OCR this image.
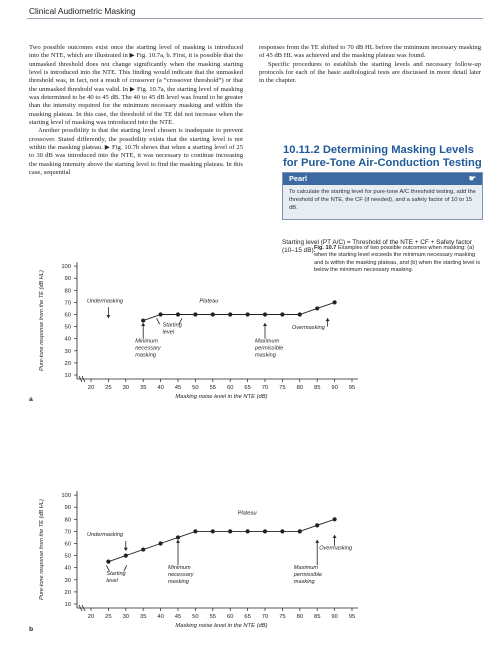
Clinical Audiometric Masking

Two possible outcomes exist once the starting level of masking is introduced into the NTE, which are illustrated in ▶ Fig. 10.7a, b. First, it is possible that the unmasked threshold does not change significantly when the masking starting level is introduced into the NTE. This finding would indicate that the unmasked threshold was, in fact, not a result of crossover (a “crossover threshold”) or that the unmasked threshold was valid. In ▶ Fig. 10.7a, the starting level of masking was determined to be 40 to 45 dB. The 40 to 45 dB level was found to be greater than the intensity required for the minimum necessary masking and within the masking plateau. In this case, the threshold of the TE did not increase when the starting level of masking was introduced into the NTE.

Another possibility is that the starting level chosen is inadequate to prevent crossover. Stated differently, the possibility exists that the starting level is not within the masking plateau. ▶ Fig. 10.7b shows that when a starting level of 25 to 30 dB was introduced into the NTE, it was necessary to continue increasing the masking intensity above the starting level to find the masking plateau. In this case, sequential

responses from the TE shifted to 70 dB HL before the minimum necessary masking of 45 dB HL was achieved and the masking plateau was found.

Specific procedures to establish the starting levels and necessary follow-up protocols for each of the basic audiological tests are discussed in more detail later in the chapter.

10.11.2 Determining Masking Levels for Pure-Tone Air-Conduction Testing
Pearl	☛
To calculate the starting level for pure-tone A/C threshold testing, add the threshold of the NTE, the CF (if needed), and a safety factor of 10 to 15 dB.
Starting level (PT A/C) = Threshold of the NTE + CF + Safety factor (10–15 dB).
Fig. 10.7 Examples of two possible outcomes when masking: (a) when the starting level exceeds the minimum necessary masking and is within the masking plateau, and (b) when the starting level is below the minimum necessary masking.
10
20
30
40
50
60
70
80
90
100
20 25 30 35 40 45 50 55 60 65 70 75 80 85 90 95
Masking noise level in the NTE (dB)
Pure-tone response from the TE (dB HL)
a
Undermasking	Plateau
Starting level
Minimum necessary masking
Maximum permissible masking
Overmasking
10
20
30
40
50
60
70
80
90
100
20 25 30 35 40 45 50 55 60 65 70 75 80 85 90 95
Masking noise level in the NTE (dB)
Pure-tone response from the TE (dB HL)
b
Undermasking
Plateau
Starting level
Minimum necessary masking
Maximum permissible masking
Overmasking
